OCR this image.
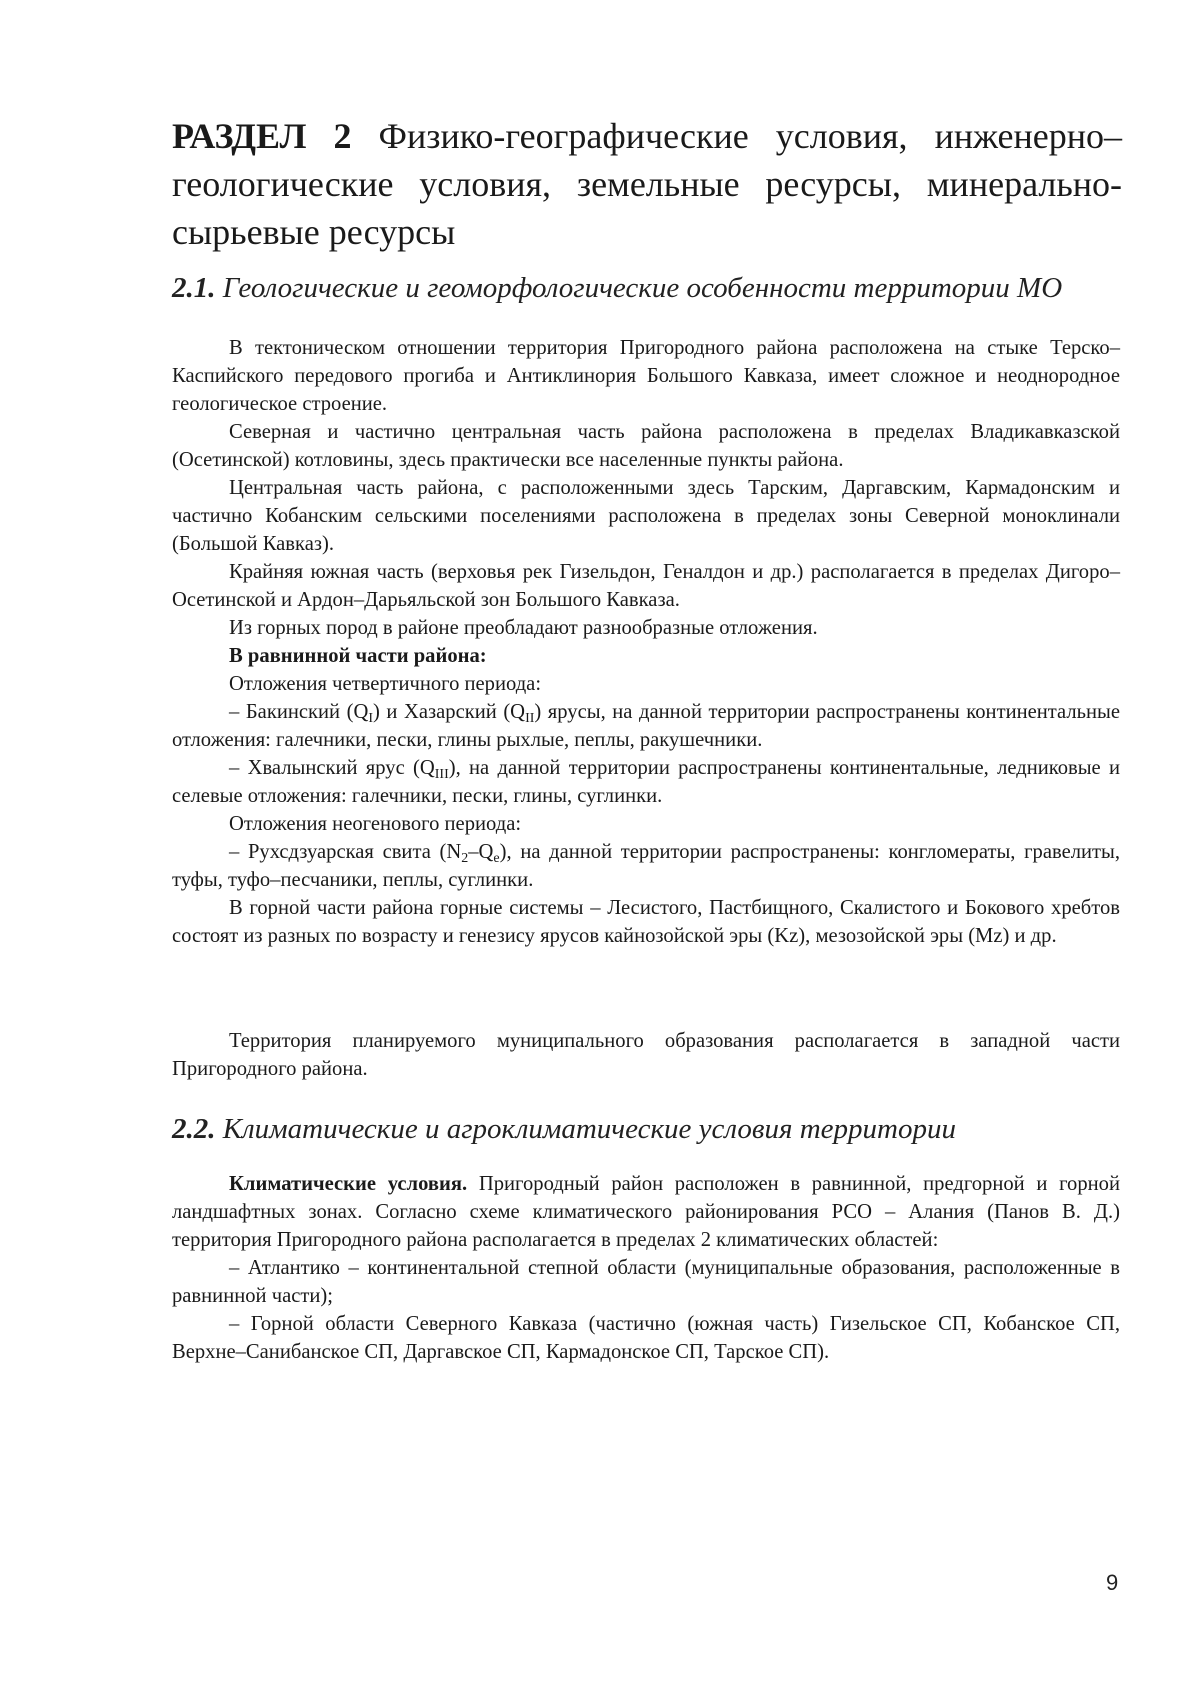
РАЗДЕЛ 2 Физико-географические условия, инженерно–геологические условия, земельные ресурсы, минерально-сырьевые ресурсы
2.1. Геологические и геоморфологические особенности территории МО

В тектоническом отношении территория Пригородного района расположена на стыке Терско–Каспийского передового прогиба и Антиклинория Большого Кавказа, имеет сложное и неоднородное геологическое строение.

Северная и частично центральная часть района расположена в пределах Владикавказской (Осетинской) котловины, здесь практически все населенные пункты района.

Центральная часть района, с расположенными здесь Тарским, Даргавским, Кармадонским и частично Кобанским сельскими поселениями расположена в пределах зоны Северной моноклинали (Большой Кавказ).

Крайняя южная часть (верховья рек Гизельдон, Геналдон и др.) располагается в пределах Дигоро–Осетинской и Ардон–Дарьяльской зон Большого Кавказа.

Из горных пород в районе преобладают разнообразные отложения.

В равнинной части района:

Отложения четвертичного периода:

– Бакинский $(Q_I)$ и Хазарский $(Q_{II})$ ярусы, на данной территории распространены континентальные отложения: галечники, пески, глины рыхлые, пеплы, ракушечники.

– Хвалынский ярус $(Q_{III})$, на данной территории распространены континентальные, ледниковые и селевые отложения: галечники, пески, глины, суглинки.

Отложения неогенового периода:

– Рухсдзуарская свита $(N_2-Q_e)$, на данной территории распространены: конгломераты, гравелиты, туфы, туфо–песчаники, пеплы, суглинки.

В горной части района горные системы – Лесистого, Пастбищного, Скалистого и Бокового хребтов состоят из разных по возрасту и генезису ярусов кайнозойской эры (Kz), мезозойской эры (Mz) и др.

Территория планируемого муниципального образования располагается в западной части Пригородного района.

2.2. Климатические и агроклиматические условия территории

Климатические условия. Пригородный район расположен в равнинной, предгорной и горной ландшафтных зонах. Согласно схеме климатического районирования РСО – Алания (Панов В. Д.) территория Пригородного района располагается в пределах 2 климатических областей:

– Атлантико – континентальной степной области (муниципальные образования, расположенные в равнинной части);

– Горной области Северного Кавказа (частично (южная часть) Гизельское СП, Кобанское СП, Верхне–Санибанское СП, Даргавское СП, Кармадонское СП, Тарское СП).

9
